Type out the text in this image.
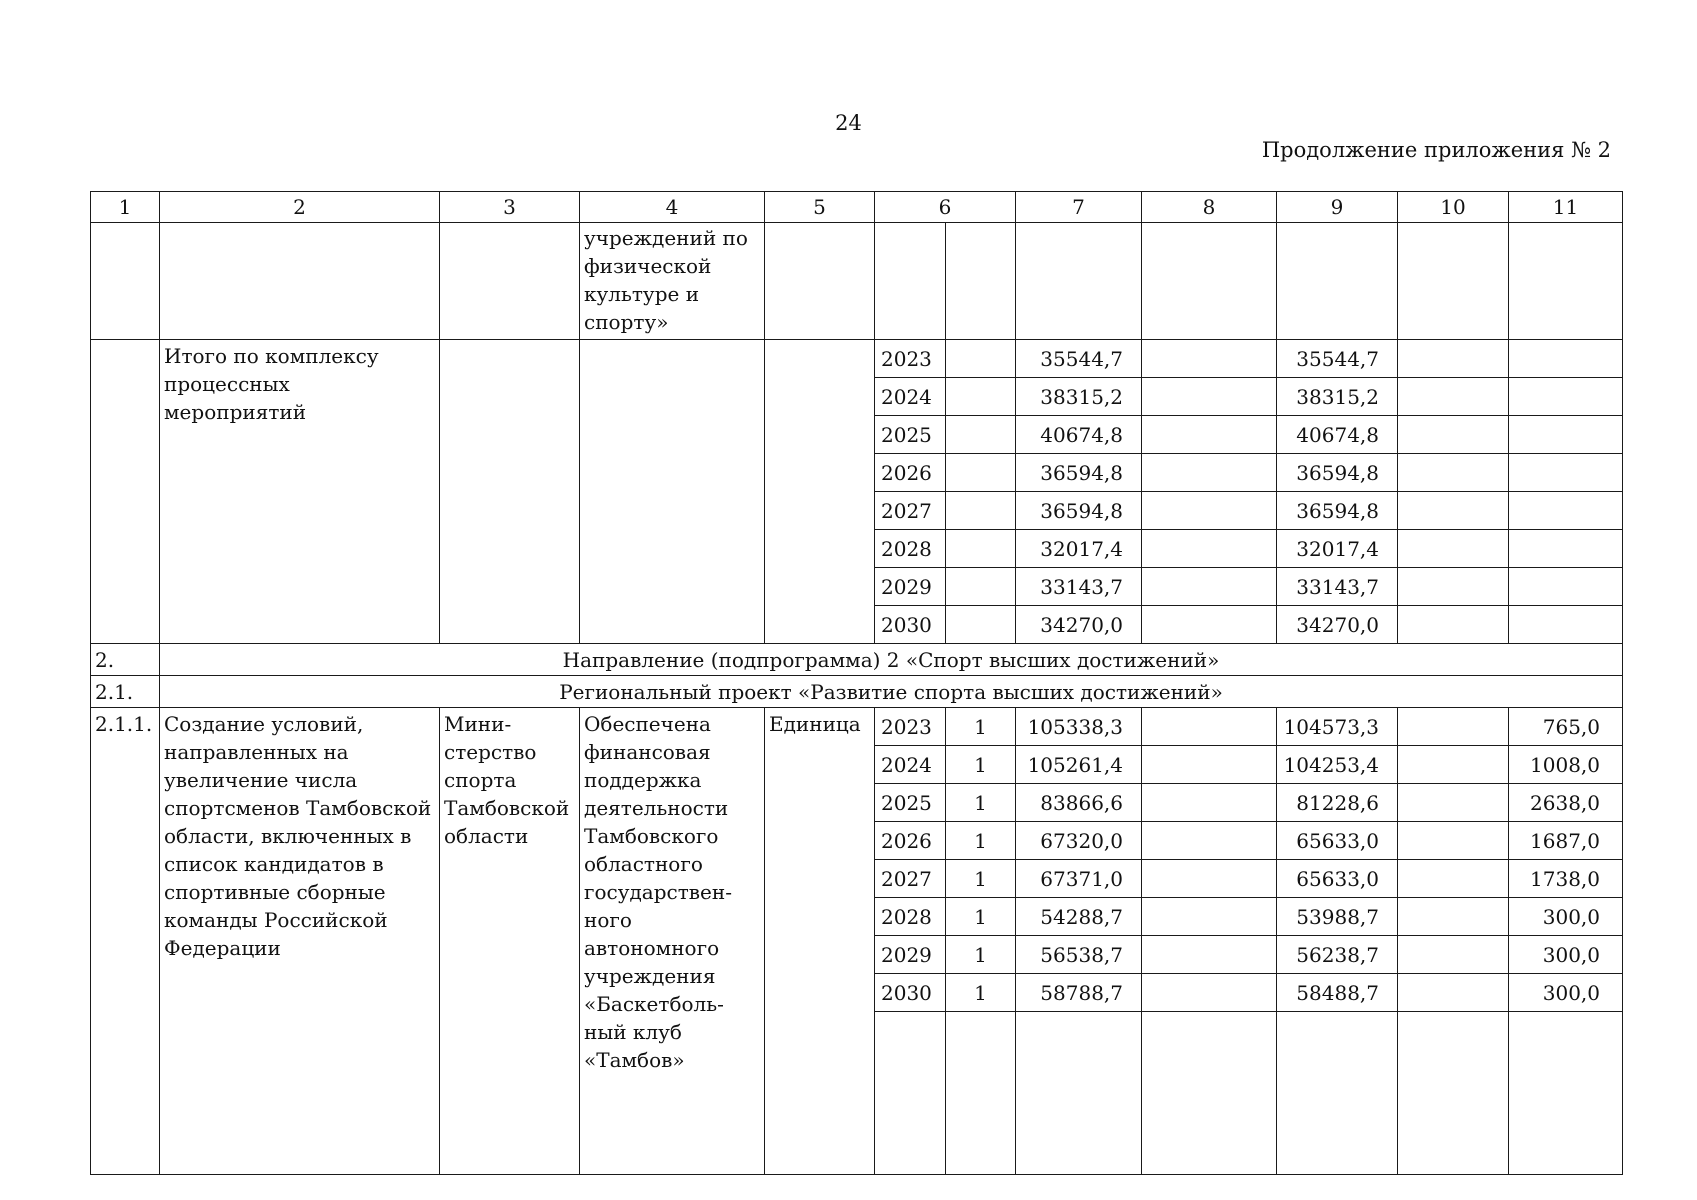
24
Продолжение приложения № 2
1	2	3	4	5	6		7	8	9	10	11
			учреждений по физической культуре и спорту»								
	Итого по комплексу процессных мероприятий				2023		35544,7		35544,7		
					2024		38315,2		38315,2		
					2025		40674,8		40674,8		
					2026		36594,8		36594,8		
					2027		36594,8		36594,8		
					2028		32017,4		32017,4		
					2029		33143,7		33143,7		
					2030		34270,0		34270,0		
2.	Направление (подпрограмма) 2 «Спорт высших достижений»										
2.1.	Региональный проект «Развитие спорта высших достижений»										
2.1.1.	Создание условий, направленных на увеличение числа спортсменов Тамбовской области, включенных в список кандидатов в спортивные сборные команды Российской Федерации	Мини-стерство спорта Тамбовской области	Обеспечена финансовая поддержка деятельности Тамбовского областного государствен-ного автономного учреждения «Баскетболь-ный клуб «Тамбов»	Единица	2023	1	105338,3		104573,3		765,0
					2024	1	105261,4		104253,4		1008,0
					2025	1	83866,6		81228,6		2638,0
					2026	1	67320,0		65633,0		1687,0
					2027	1	67371,0		65633,0		1738,0
					2028	1	54288,7		53988,7		300,0
					2029	1	56538,7		56238,7		300,0
					2030	1	58788,7		58488,7		300,0
